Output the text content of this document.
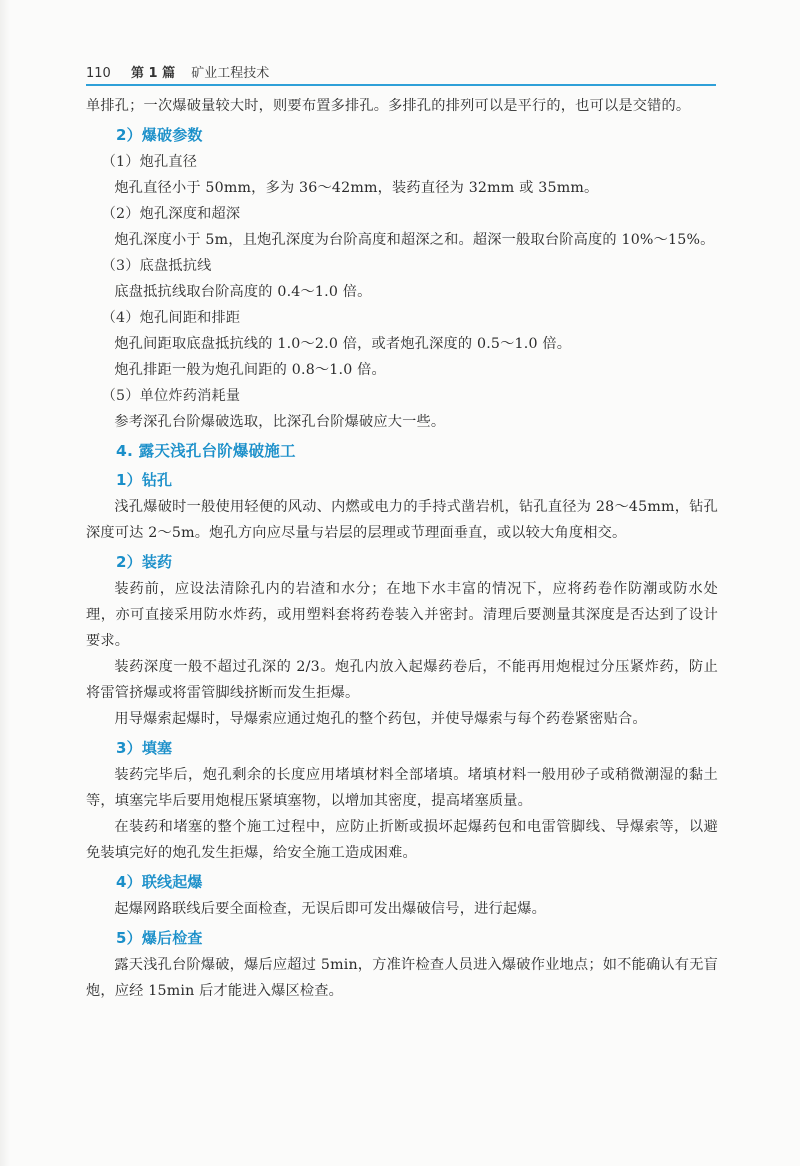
110 第 1 篇 矿业工程技术

单排孔；一次爆破量较大时，则要布置多排孔。多排孔的排列可以是平行的，也可以是交错的。

2）爆破参数

（1）炮孔直径

炮孔直径小于 50mm，多为 36～42mm，装药直径为 32mm 或 35mm。

（2）炮孔深度和超深

炮孔深度小于 5m，且炮孔深度为台阶高度和超深之和。超深一般取台阶高度的 10%～15%。

（3）底盘抵抗线

底盘抵抗线取台阶高度的 0.4～1.0 倍。

（4）炮孔间距和排距

炮孔间距取底盘抵抗线的 1.0～2.0 倍，或者炮孔深度的 0.5～1.0 倍。

炮孔排距一般为炮孔间距的 0.8～1.0 倍。

（5）单位炸药消耗量

参考深孔台阶爆破选取，比深孔台阶爆破应大一些。

4. 露天浅孔台阶爆破施工
1）钻孔

浅孔爆破时一般使用轻便的风动、内燃或电力的手持式凿岩机，钻孔直径为 28～45mm，钻孔深度可达 2～5m。炮孔方向应尽量与岩层的层理或节理面垂直，或以较大角度相交。

2）装药

装药前，应设法清除孔内的岩渣和水分；在地下水丰富的情况下，应将药卷作防潮或防水处理，亦可直接采用防水炸药，或用塑料套将药卷装入并密封。清理后要测量其深度是否达到了设计要求。

装药深度一般不超过孔深的 2/3。炮孔内放入起爆药卷后，不能再用炮棍过分压紧炸药，防止将雷管挤爆或将雷管脚线挤断而发生拒爆。

用导爆索起爆时，导爆索应通过炮孔的整个药包，并使导爆索与每个药卷紧密贴合。

3）填塞

装药完毕后，炮孔剩余的长度应用堵填材料全部堵填。堵填材料一般用砂子或稍微潮湿的黏土等，填塞完毕后要用炮棍压紧填塞物，以增加其密度，提高堵塞质量。

在装药和堵塞的整个施工过程中，应防止折断或损坏起爆药包和电雷管脚线、导爆索等，以避免装填完好的炮孔发生拒爆，给安全施工造成困难。

4）联线起爆

起爆网路联线后要全面检查，无误后即可发出爆破信号，进行起爆。

5）爆后检查

露天浅孔台阶爆破，爆后应超过 5min，方准许检查人员进入爆破作业地点；如不能确认有无盲炮，应经 15min 后才能进入爆区检查。
